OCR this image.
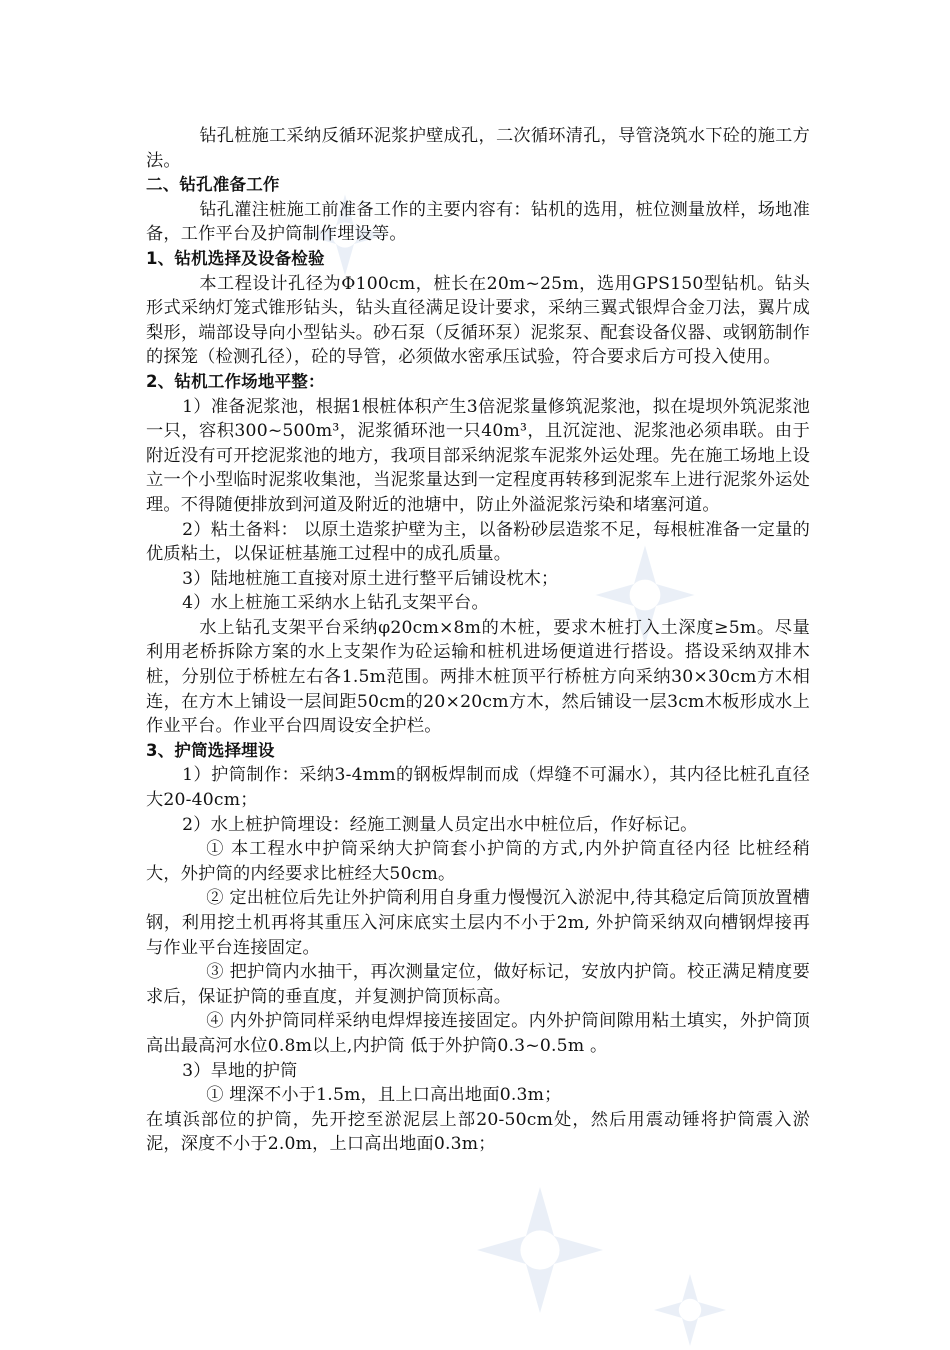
钻孔桩施工采纳反循环泥浆护壁成孔，二次循环清孔，导管浇筑水下砼的施工方法。

二、钻孔准备工作

钻孔灌注桩施工前准备工作的主要内容有：钻机的选用，桩位测量放样，场地准备，工作平台及护筒制作埋设等。

1、钻机选择及设备检验

本工程设计孔径为Φ100cm，桩长在20m~25m，选用GPS150型钻机。钻头形式采纳灯笼式锥形钻头，钻头直径满足设计要求，采纳三翼式银焊合金刀法，翼片成梨形，端部设导向小型钻头。砂石泵（反循环泵）泥浆泵、配套设备仪器、或钢筋制作的探笼（检测孔径），砼的导管，必须做水密承压试验，符合要求后方可投入使用。

2、钻机工作场地平整：

1）准备泥浆池，根据1根桩体积产生3倍泥浆量修筑泥浆池，拟在堤坝外筑泥浆池一只，容积300~500m³，泥浆循环池一只40m³，且沉淀池、泥浆池必须串联。由于附近没有可开挖泥浆池的地方，我项目部采纳泥浆车泥浆外运处理。先在施工场地上设立一个小型临时泥浆收集池，当泥浆量达到一定程度再转移到泥浆车上进行泥浆外运处理。不得随便排放到河道及附近的池塘中，防止外溢泥浆污染和堵塞河道。

2）粘土备料： 以原土造浆护壁为主，以备粉砂层造浆不足，每根桩准备一定量的优质粘土，以保证桩基施工过程中的成孔质量。

3）陆地桩施工直接对原土进行整平后铺设枕木；

4）水上桩施工采纳水上钻孔支架平台。

水上钻孔支架平台采纳φ20cm×8m的木桩，要求木桩打入土深度≥5m。尽量利用老桥拆除方案的水上支架作为砼运输和桩机进场便道进行搭设。搭设采纳双排木桩，分别位于桥桩左右各1.5m范围。两排木桩顶平行桥桩方向采纳30×30cm方木相连，在方木上铺设一层间距50cm的20×20cm方木，然后铺设一层3cm木板形成水上作业平台。作业平台四周设安全护栏。

3、护筒选择埋设

1）护筒制作：采纳3-4mm的钢板焊制而成（焊缝不可漏水），其内径比桩孔直径大20-40cm；

2）水上桩护筒埋设：经施工测量人员定出水中桩位后，作好标记。

① 本工程水中护筒采纳大护筒套小护筒的方式,内外护筒直径内径 比桩经稍大，外护筒的内经要求比桩经大50cm。

② 定出桩位后先让外护筒利用自身重力慢慢沉入淤泥中,待其稳定后筒顶放置槽钢，利用挖土机再将其重压入河床底实土层内不小于2m, 外护筒采纳双向槽钢焊接再与作业平台连接固定。

③ 把护筒内水抽干，再次测量定位，做好标记，安放内护筒。校正满足精度要求后，保证护筒的垂直度，并复测护筒顶标高。

④ 内外护筒同样采纳电焊焊接连接固定。内外护筒间隙用粘土填实，外护筒顶高出最高河水位0.8m以上,内护筒 低于外护筒0.3~0.5m 。

3）旱地的护筒

① 埋深不小于1.5m，且上口高出地面0.3m；

在填浜部位的护筒，先开挖至淤泥层上部20-50cm处，然后用震动锤将护筒震入淤泥，深度不小于2.0m，上口高出地面0.3m；
